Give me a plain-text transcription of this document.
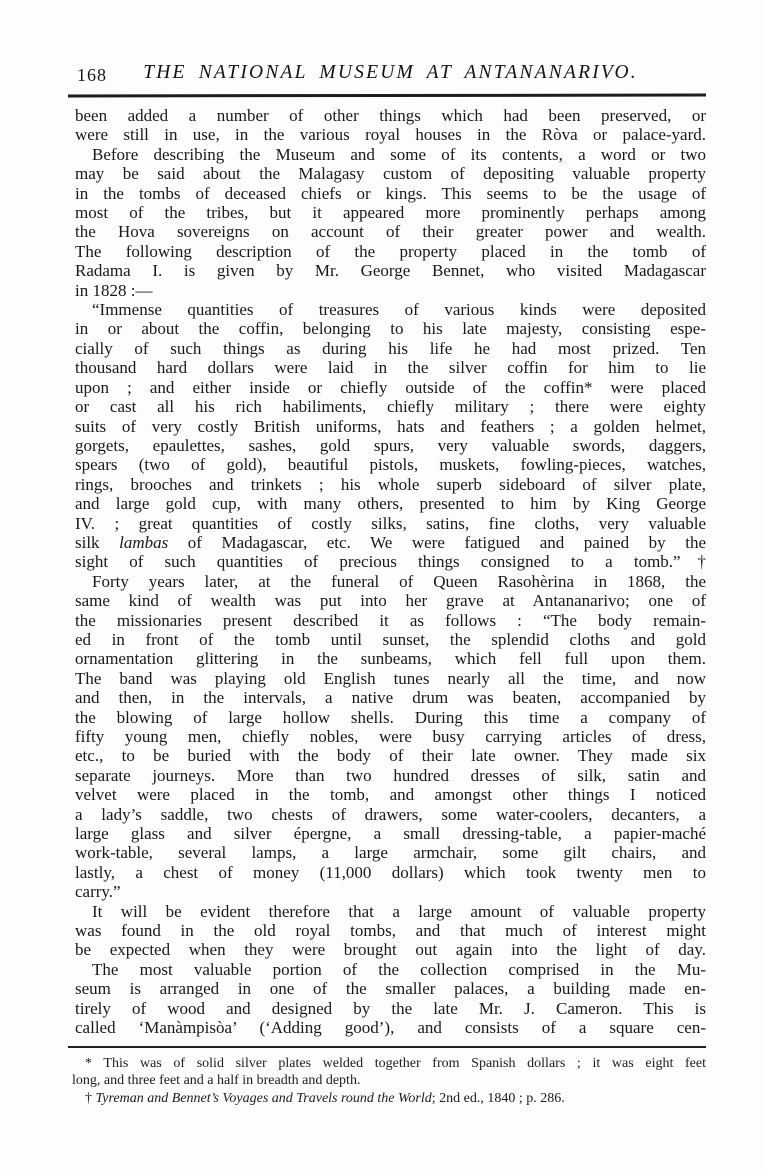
168	THE NATIONAL MUSEUM AT ANTANANARIVO.
been added a number of other things which had been preserved, or
were still in use, in the various royal houses in the Ròva or palace-yard.
Before describing the Museum and some of its contents, a word or two
may be said about the Malagasy custom of depositing valuable property
in the tombs of deceased chiefs or kings. This seems to be the usage of
most of the tribes, but it appeared more prominently perhaps among
the Hova sovereigns on account of their greater power and wealth.
The following description of the property placed in the tomb of
Radama I. is given by Mr. George Bennet, who visited Madagascar
in 1828 :—
“Immense quantities of treasures of various kinds were deposited
in or about the coffin, belonging to his late majesty, consisting espe-
cially of such things as during his life he had most prized. Ten
thousand hard dollars were laid in the silver coffin for him to lie
upon ; and either inside or chiefly outside of the coffin* were placed
or cast all his rich habiliments, chiefly military ; there were eighty
suits of very costly British uniforms, hats and feathers ; a golden helmet,
gorgets, epaulettes, sashes, gold spurs, very valuable swords, daggers,
spears (two of gold), beautiful pistols, muskets, fowling-pieces, watches,
rings, brooches and trinkets ; his whole superb sideboard of silver plate,
and large gold cup, with many others, presented to him by King George
IV. ; great quantities of costly silks, satins, fine cloths, very valuable
silk lambas of Madagascar, etc. We were fatigued and pained by the
sight of such quantities of precious things consigned to a tomb.”†
Forty years later, at the funeral of Queen Rasohèrina in 1868, the
same kind of wealth was put into her grave at Antananarivo; one of
the missionaries present described it as follows : “The body remain-
ed in front of the tomb until sunset, the splendid cloths and gold
ornamentation glittering in the sunbeams, which fell full upon them.
The band was playing old English tunes nearly all the time, and now
and then, in the intervals, a native drum was beaten, accompanied by
the blowing of large hollow shells. During this time a company of
fifty young men, chiefly nobles, were busy carrying articles of dress,
etc., to be buried with the body of their late owner. They made six
separate journeys. More than two hundred dresses of silk, satin and
velvet were placed in the tomb, and amongst other things I noticed
a lady’s saddle, two chests of drawers, some water-coolers, decanters, a
large glass and silver épergne, a small dressing-table, a papier-maché
work-table, several lamps, a large armchair, some gilt chairs, and
lastly, a chest of money (11,000 dollars) which took twenty men to
carry.”
It will be evident therefore that a large amount of valuable property
was found in the old royal tombs, and that much of interest might
be expected when they were brought out again into the light of day.
The most valuable portion of the collection comprised in the Mu-
seum is arranged in one of the smaller palaces, a building made en-
tirely of wood and designed by the late Mr. J. Cameron. This is
called ‘Manàmpisòa’ (‘Adding good’), and consists of a square cen-
* This was of solid silver plates welded together from Spanish dollars ; it was eight feet
long, and three feet and a half in breadth and depth.
† Tyreman and Bennet’s Voyages and Travels round the World; 2nd ed., 1840 ; p. 286.
